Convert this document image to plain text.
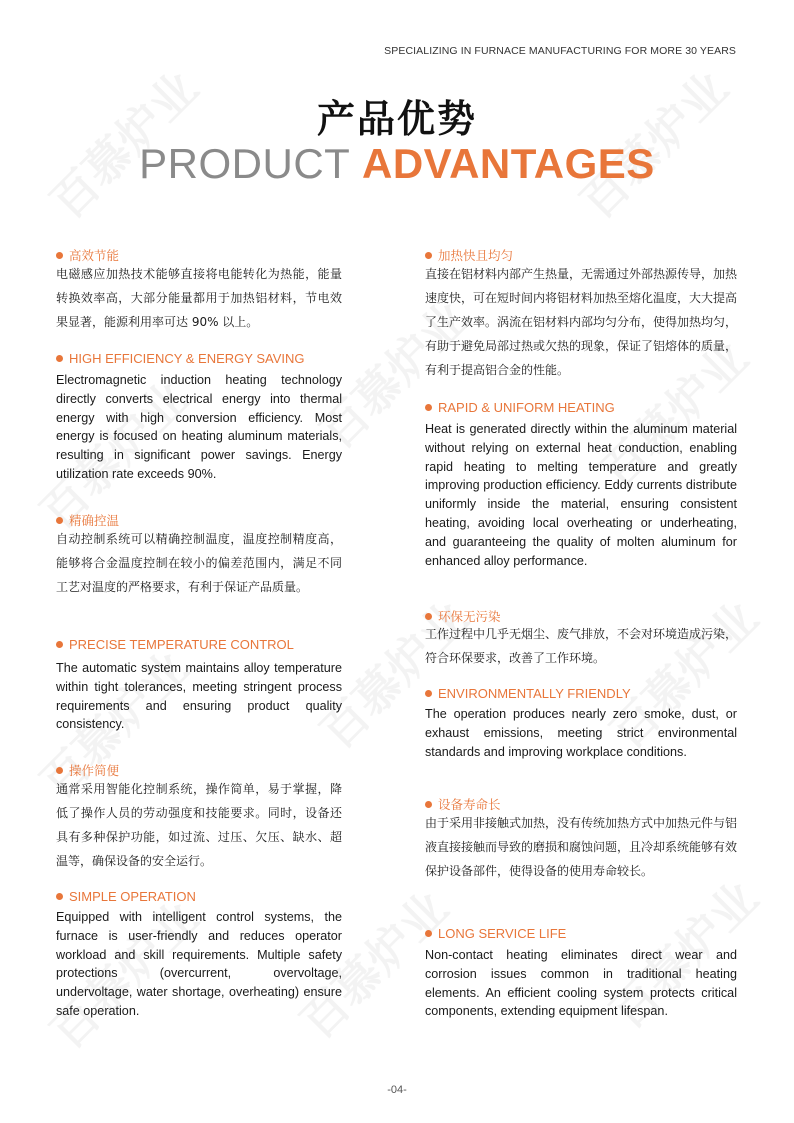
SPECIALIZING IN FURNACE MANUFACTURING FOR MORE 30 YEARS
产品优势
PRODUCT ADVANTAGES
高效节能

电磁感应加热技术能够直接将电能转化为热能，能量转换效率高，大部分能量都用于加热铝材料，节电效果显著，能源利用率可达 90% 以上。

HIGH EFFICIENCY & ENERGY SAVING

Electromagnetic induction heating technology directly converts electrical energy into thermal energy with high conversion efficiency. Most energy is focused on heating aluminum materials, resulting in significant power savings. Energy utilization rate exceeds 90%.

精确控温

自动控制系统可以精确控制温度，温度控制精度高，能够将合金温度控制在较小的偏差范围内，满足不同工艺对温度的严格要求，有利于保证产品质量。

PRECISE TEMPERATURE CONTROL

The automatic system maintains alloy temperature within tight tolerances, meeting stringent process requirements and ensuring product quality consistency.

操作简便

通常采用智能化控制系统，操作简单，易于掌握，降低了操作人员的劳动强度和技能要求。同时，设备还具有多种保护功能，如过流、过压、欠压、缺水、超温等，确保设备的安全运行。

SIMPLE OPERATION

Equipped with intelligent control systems, the furnace is user-friendly and reduces operator workload and skill requirements. Multiple safety protections (overcurrent, overvoltage, undervoltage, water shortage, overheating) ensure safe operation.

加热快且均匀

直接在铝材料内部产生热量，无需通过外部热源传导，加热速度快，可在短时间内将铝材料加热至熔化温度，大大提高了生产效率。涡流在铝材料内部均匀分布，使得加热均匀，有助于避免局部过热或欠热的现象，保证了铝熔体的质量，有利于提高铝合金的性能。

RAPID & UNIFORM HEATING

Heat is generated directly within the aluminum material without relying on external heat conduction, enabling rapid heating to melting temperature and greatly improving production efficiency. Eddy currents distribute uniformly inside the material, ensuring consistent heating, avoiding local overheating or underheating, and guaranteeing the quality of molten aluminum for enhanced alloy performance.

环保无污染

工作过程中几乎无烟尘、废气排放，不会对环境造成污染，符合环保要求，改善了工作环境。

ENVIRONMENTALLY FRIENDLY

The operation produces nearly zero smoke, dust, or exhaust emissions, meeting strict environmental standards and improving workplace conditions.

设备寿命长

由于采用非接触式加热，没有传统加热方式中加热元件与铝液直接接触而导致的磨损和腐蚀问题，且冷却系统能够有效保护设备部件，使得设备的使用寿命较长。

LONG SERVICE LIFE

Non-contact heating eliminates direct wear and corrosion issues common in traditional heating elements. An efficient cooling system protects critical components, extending equipment lifespan.

-04-
